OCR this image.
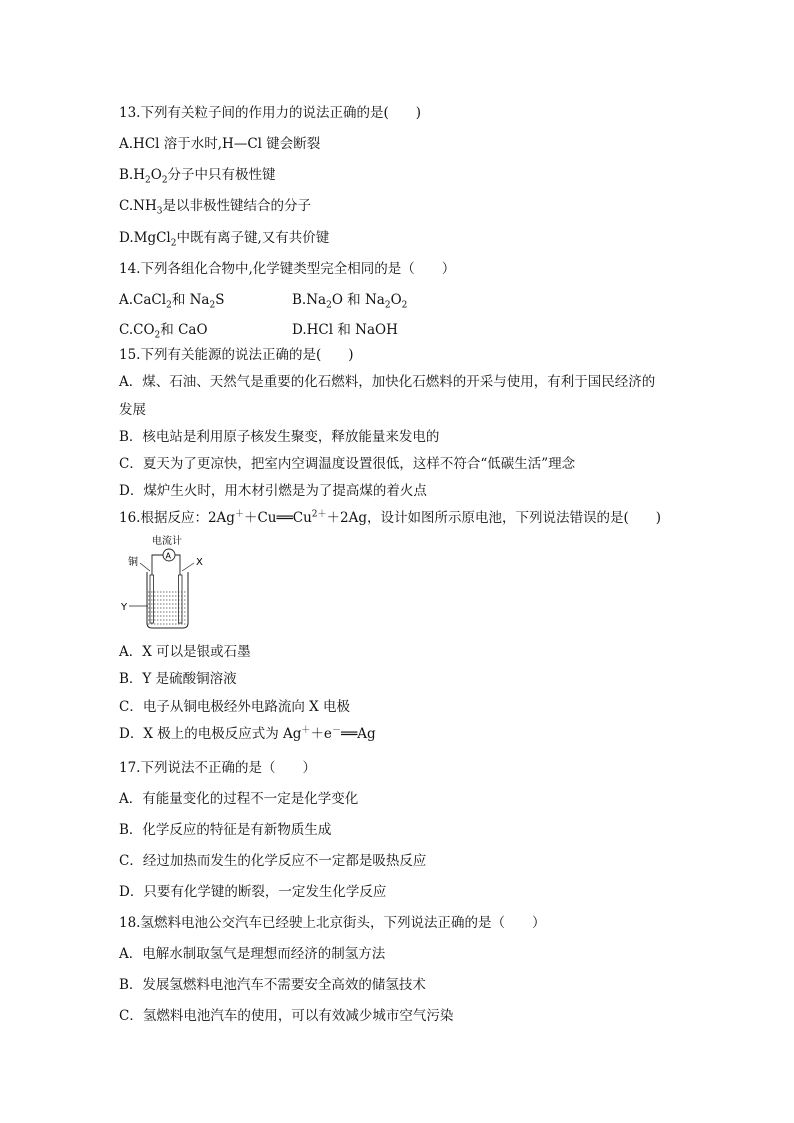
13.下列有关粒子间的作用力的说法正确的是(　　)
A.HCl 溶于水时,H—Cl 键会断裂
$B.H_2O_2$分子中只有极性键
$C.NH_3$是以非极性键结合的分子
D.MgCl$_2$中既有离子键,又有共价键
14.下列各组化合物中,化学键类型完全相同的是（　　）
A.CaCl$_2$和 $Na_2S$	$B.Na_2O$ 和 $Na_2O_2$
$C.CO_2$和 CaO	D.HCl 和 NaOH
15.下列有关能源的说法正确的是(　　)
A．煤、石油、天然气是重要的化石燃料，加快化石燃料的开采与使用，有利于国民经济的
发展
B．核电站是利用原子核发生聚变，释放能量来发电的
C．夏天为了更凉快，把室内空调温度设置很低，这样不符合“低碳生活”理念
D．煤炉生火时，用木材引燃是为了提高煤的着火点
16.根据反应：$2Ag^++Cu══Cu^{2+}+2Ag$，设计如图所示原电池，下列说法错误的是(　　)
电流计
A
铜	X
Y
A．X 可以是银或石墨
B．Y 是硫酸铜溶液
C．电子从铜电极经外电路流向 X 电极
D．X 极上的电极反应式为 Ag＋＋e－══Ag
17.下列说法不正确的是（　　）
A．有能量变化的过程不一定是化学变化
B．化学反应的特征是有新物质生成
C．经过加热而发生的化学反应不一定都是吸热反应
D．只要有化学键的断裂，一定发生化学反应
18.氢燃料电池公交汽车已经驶上北京街头，下列说法正确的是（　　）
A．电解水制取氢气是理想而经济的制氢方法
B．发展氢燃料电池汽车不需要安全高效的储氢技术
C．氢燃料电池汽车的使用，可以有效减少城市空气污染
